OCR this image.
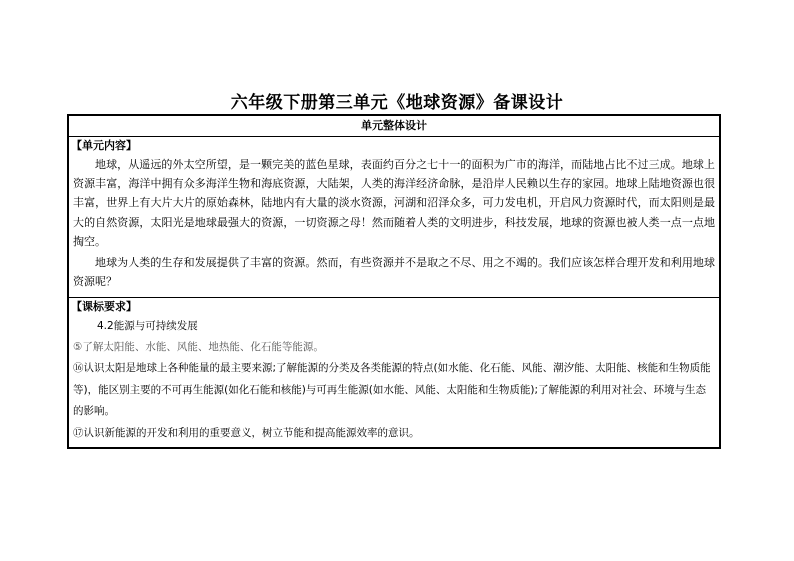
六年级下册第三单元《地球资源》备课设计
单元整体设计

【单元内容】

地球，从遥远的外太空所望，是一颗完美的蓝色星球，表面约百分之七十一的面积为广市的海洋，而陆地占比不过三成。地球上资源丰富，海洋中拥有众多海洋生物和海底资源，大陆架，人类的海洋经济命脉，是沿岸人民赖以生存的家园。地球上陆地资源也很丰富，世界上有大片大片的原始森林，陆地内有大量的淡水资源，河湖和沼泽众多，可力发电机，开启风力资源时代，而太阳则是最大的自然资源，太阳光是地球最强大的资源，一切资源之母！然而随着人类的文明进步，科技发展，地球的资源也被人类一点一点地掏空。

地球为人类的生存和发展提供了丰富的资源。然而，有些资源并不是取之不尽、用之不竭的。我们应该怎样合理开发和利用地球资源呢？

【课标要求】

4.2能源与可持续发展

⑤了解太阳能、水能、风能、地热能、化石能等能源。

⑯认识太阳是地球上各种能量的最主要来源;了解能源的分类及各类能源的特点(如水能、化石能、风能、潮汐能、太阳能、核能和生物质能等)，能区别主要的不可再生能源(如化石能和核能)与可再生能源(如水能、风能、太阳能和生物质能);了解能源的利用对社会、环境与生态的影响。

⑰认识新能源的开发和利用的重要意义，树立节能和提高能源效率的意识。
